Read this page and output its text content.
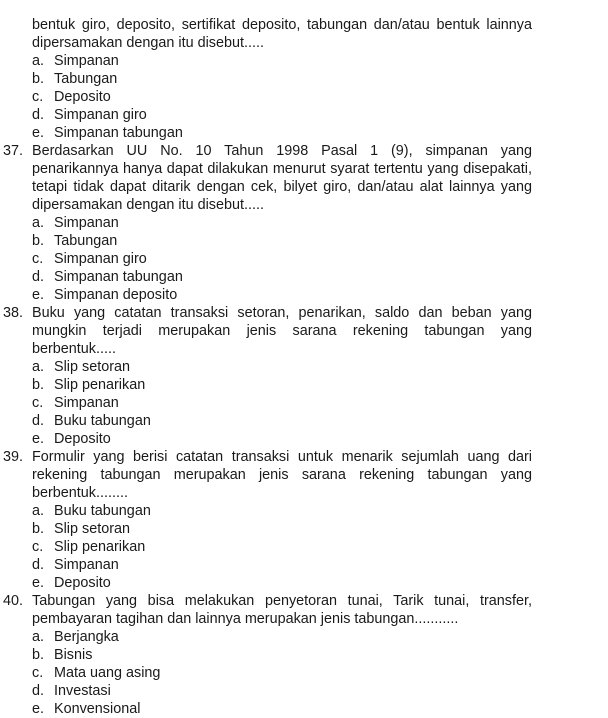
bentuk giro, deposito, sertifikat deposito, tabungan dan/atau bentuk lainnya dipersamakan dengan itu disebut.....
a. Simpanan
b. Tabungan
c. Deposito
d. Simpanan giro
e. Simpanan tabungan
37. Berdasarkan UU No. 10 Tahun 1998 Pasal 1 (9), simpanan yang penarikannya hanya dapat dilakukan menurut syarat tertentu yang disepakati, tetapi tidak dapat ditarik dengan cek, bilyet giro, dan/atau alat lainnya yang dipersamakan dengan itu disebut.....
a. Simpanan
b. Tabungan
c. Simpanan giro
d. Simpanan tabungan
e. Simpanan deposito
38. Buku yang catatan transaksi setoran, penarikan, saldo dan beban yang mungkin terjadi merupakan jenis sarana rekening tabungan yang berbentuk.....
a. Slip setoran
b. Slip penarikan
c. Simpanan
d. Buku tabungan
e. Deposito
39. Formulir yang berisi catatan transaksi untuk menarik sejumlah uang dari rekening tabungan merupakan jenis sarana rekening tabungan yang berbentuk........
a. Buku tabungan
b. Slip setoran
c. Slip penarikan
d. Simpanan
e. Deposito
40. Tabungan yang bisa melakukan penyetoran tunai, Tarik tunai, transfer, pembayaran tagihan dan lainnya merupakan jenis tabungan...........
a. Berjangka
b. Bisnis
c. Mata uang asing
d. Investasi
e. Konvensional
